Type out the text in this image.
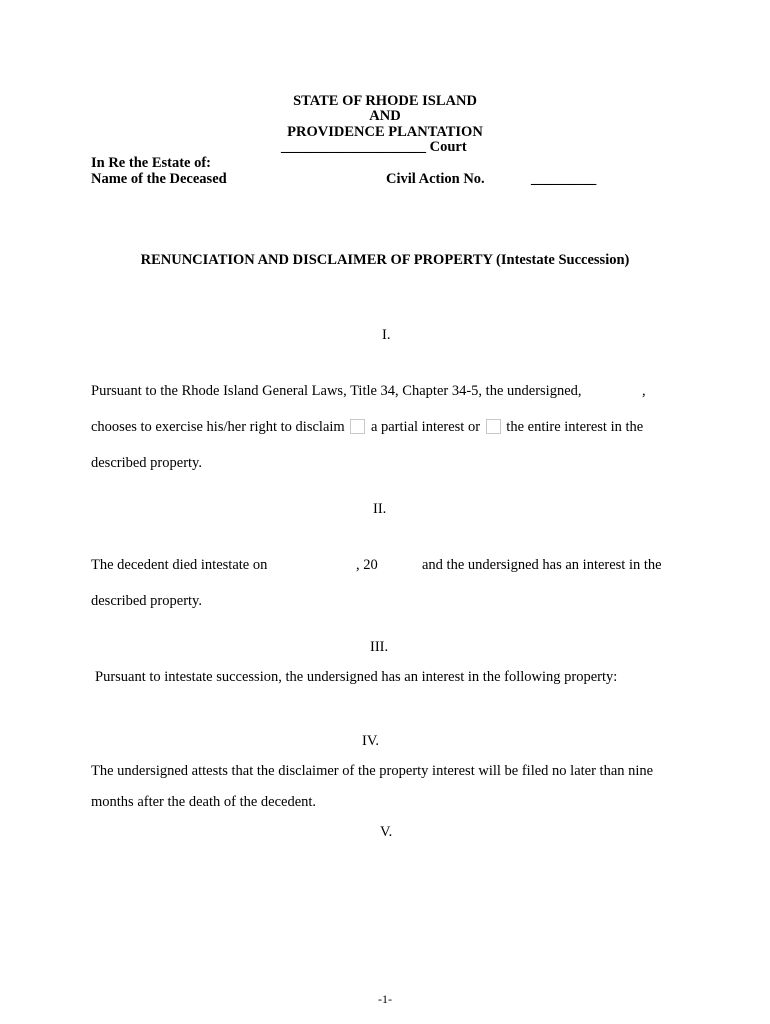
STATE OF RHODE ISLAND
AND
PROVIDENCE PLANTATION
____________________ Court
In Re the Estate of:
Name of the Deceased	Civil Action No.	_________
RENUNCIATION AND DISCLAIMER OF PROPERTY (Intestate Succession)
I.
Pursuant to the Rhode Island General Laws, Title 34, Chapter 34-5, the undersigned,	,
chooses to exercise his/her right to disclaim a partial interest or the entire interest in the
described property.
II.
The decedent died intestate on	, 20	and the undersigned has an interest in the
described property.
III.
Pursuant to intestate succession, the undersigned has an interest in the following property:
IV.
The undersigned attests that the disclaimer of the property interest will be filed no later than nine
months after the death of the decedent.
V.
-1-
